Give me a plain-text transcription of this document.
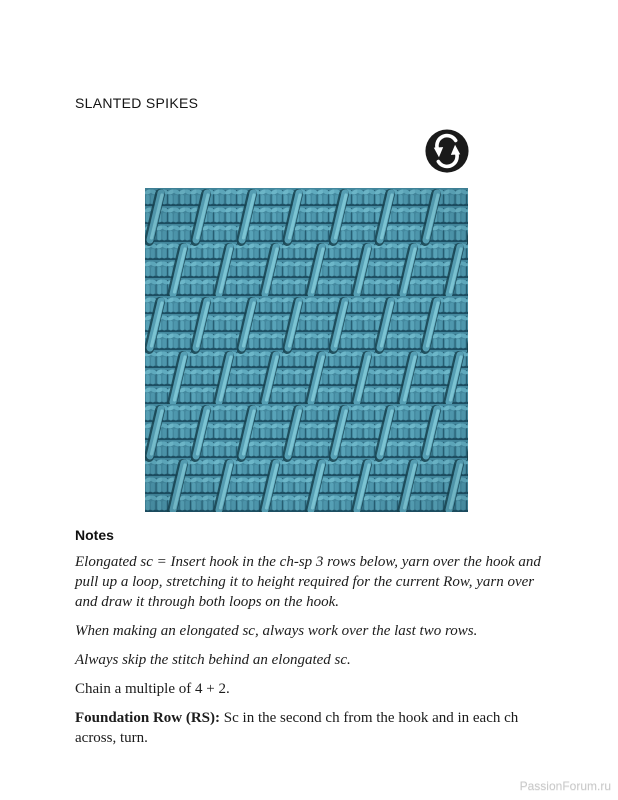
SLANTED SPIKES
Notes

Elongated sc = Insert hook in the ch-sp 3 rows below, yarn over the hook and pull up a loop, stretching it to height required for the current Row, yarn over and draw it through both loops on the hook.

When making an elongated sc, always work over the last two rows.

Always skip the stitch behind an elongated sc.

Chain a multiple of 4 + 2.

Foundation Row (RS): Sc in the second ch from the hook and in each ch across, turn.

PassionForum.ru
